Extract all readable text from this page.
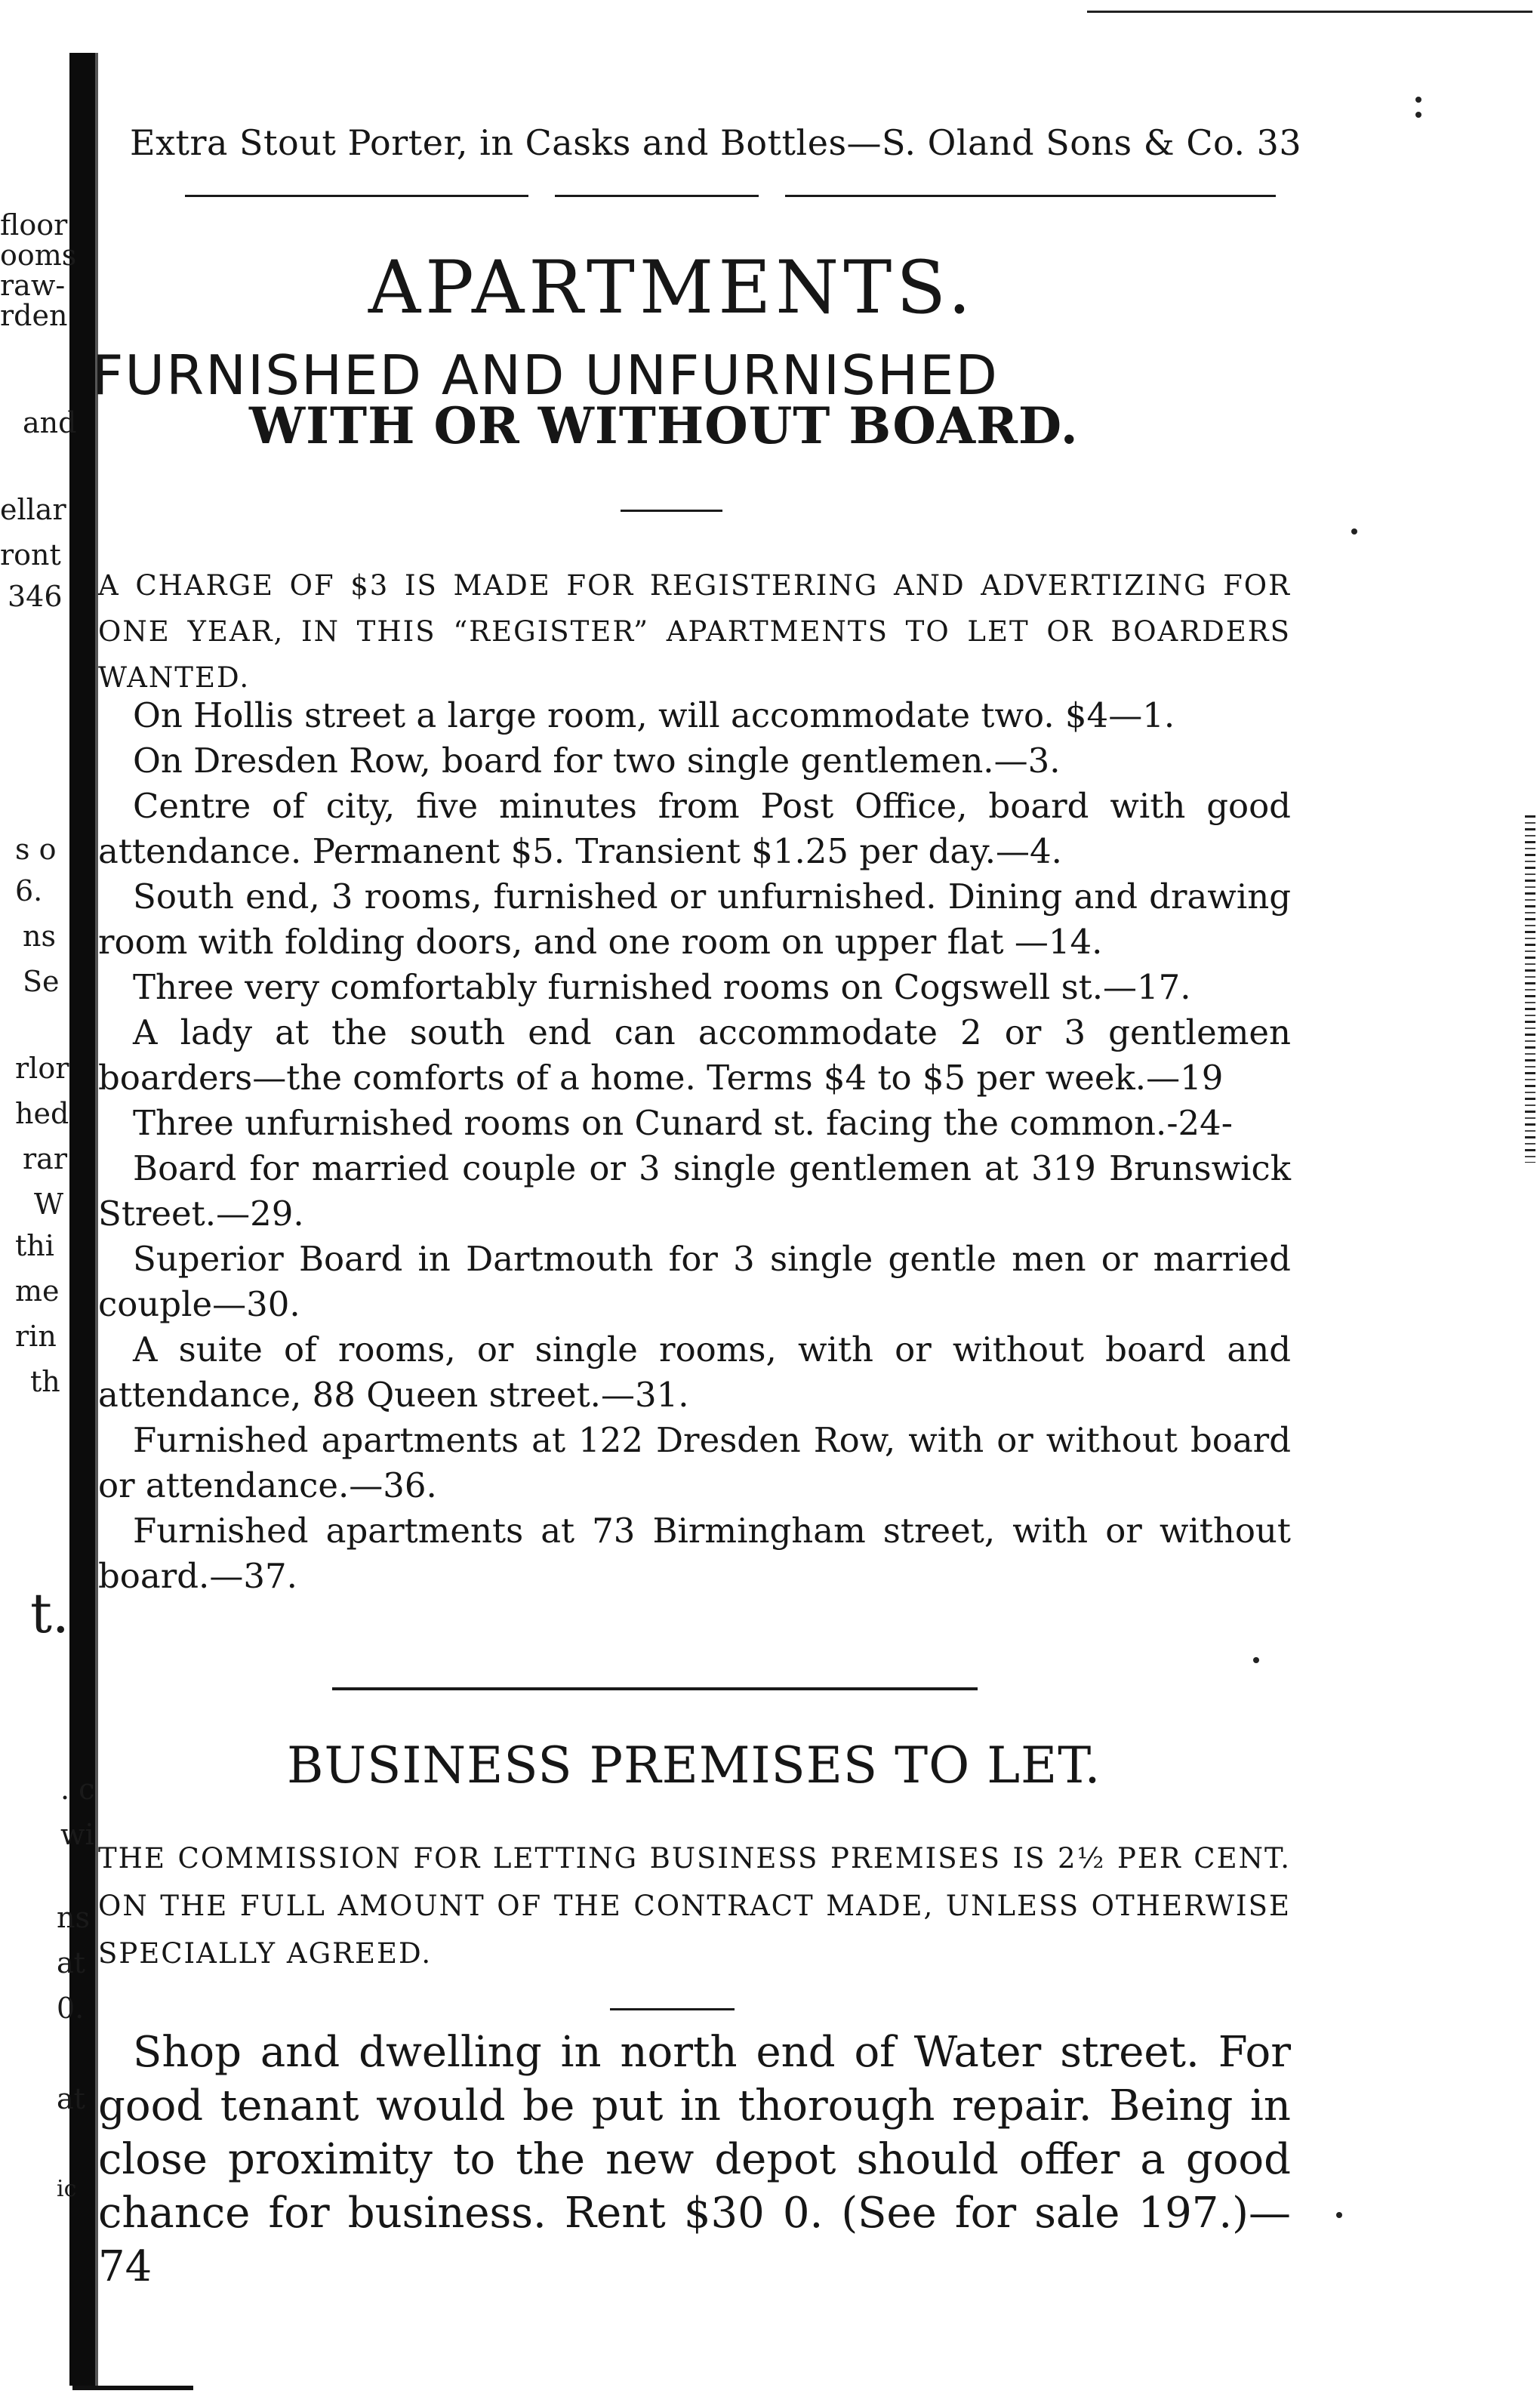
floor
ooms
raw-
rden
and
ellar
ront
346
s o
6.
ns
Se
rlor
hed
rar
W
thi
me
rin
th
t.
. c
wi
ns
at
0.
at
ic
Extra Stout Porter, in Casks and Bottles—S. Oland Sons & Co. 33
APARTMENTS.
FURNISHED AND UNFURNISHED
WITH OR WITHOUT BOARD.
A CHARGE OF $3 IS MADE FOR REGISTERING AND ADVERTIZING FOR ONE YEAR, IN THIS “REGISTER” APARTMENTS TO LET OR BOARDERS WANTED.

On Hollis street a large room, will accommodate two. $4—1.

On Dresden Row, board for two single gentlemen.—3.

Centre of city, five minutes from Post Office, board with good attendance. Permanent $5. Transient $1.25 per day.—4.

South end, 3 rooms, furnished or unfurnished. Dining and drawing room with folding doors, and one room on upper flat —14.

Three very comfortably furnished rooms on Cogswell st.—17.

A lady at the south end can accommodate 2 or 3 gentlemen boarders—the comforts of a home. Terms $4 to $5 per week.—19

Three unfurnished rooms on Cunard st. facing the common.-24-

Board for married couple or 3 single gentlemen at 319 Brunswick Street.—29.

Superior Board in Dartmouth for 3 single gentle men or married couple—30.

A suite of rooms, or single rooms, with or without board and attendance, 88 Queen street.—31.

Furnished apartments at 122 Dresden Row, with or without board or attendance.—36.

Furnished apartments at 73 Birmingham street, with or without board.—37.

BUSINESS PREMISES TO LET.
THE COMMISSION FOR LETTING BUSINESS PREMISES IS 2½ PER CENT. ON THE FULL AMOUNT OF THE CONTRACT MADE, UNLESS OTHERWISE SPECIALLY AGREED.

Shop and dwelling in north end of Water street. For good tenant would be put in thorough repair. Being in close proximity to the new depot should offer a good chance for business. Rent $30 0. (See for sale 197.)—74
